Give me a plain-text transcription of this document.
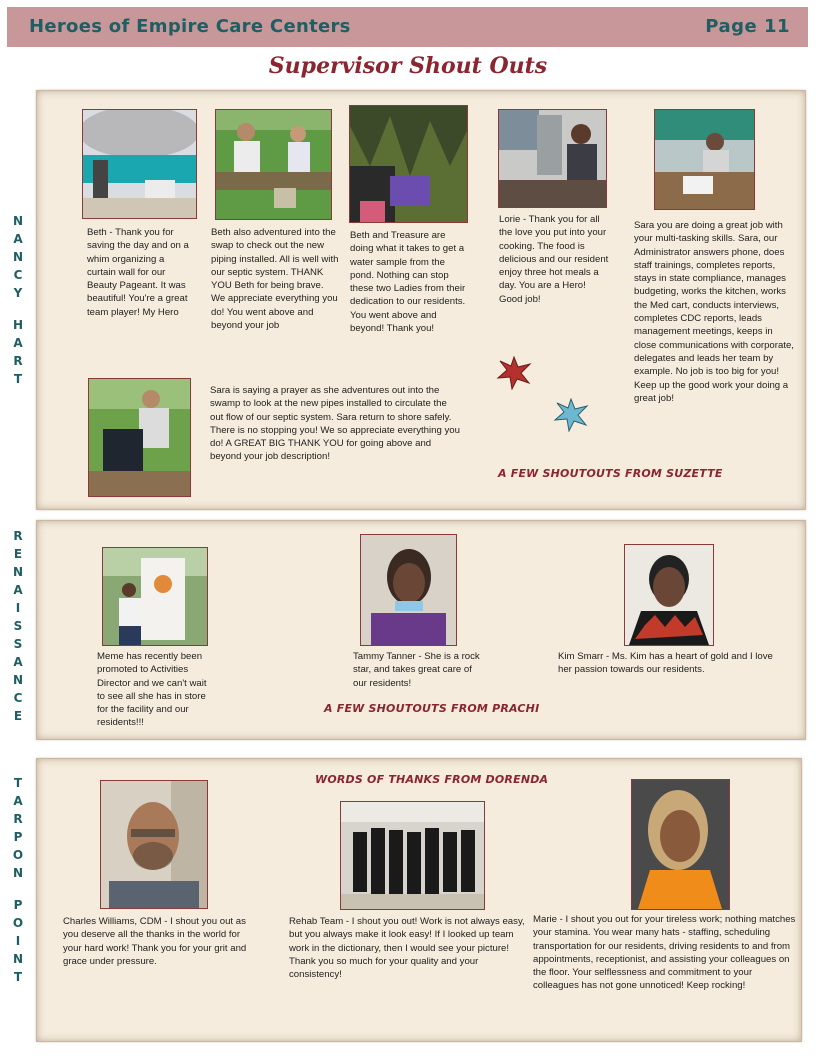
Heroes of Empire Care Centers	Page 11
Supervisor Shout Outs
N
A
N
C
Y
H
A
R
T
Beth - Thank you for saving the day and on a whim organizing a curtain wall for our Beauty Pageant. It was beautiful! You're a great team player! My Hero
Beth also adventured into the swap to check out the new piping installed. All is well with our septic system. THANK YOU Beth for being brave. We appreciate everything you do! You went above and beyond your job
Beth and Treasure are doing what it takes to get a water sample from the pond. Nothing can stop these two Ladies from their dedication to our residents. You went above and beyond! Thank you!
Lorie - Thank you for all the love you put into your cooking. The food is delicious and our resident enjoy three hot meals a day. You are a Hero! Good job!
Sara you are doing a great job with your multi-tasking skills. Sara, our Administrator answers phone, does staff trainings, completes reports, stays in state compliance, manages budgeting, works the kitchen, works the Med cart, conducts interviews, completes CDC reports, leads management meetings, keeps in close communications with corporate, delegates and leads her team by example. No job is too big for you! Keep up the good work your doing a great job!
Sara is saying a prayer as she adventures out into the swamp to look at the new pipes installed to circulate the out flow of our septic system. Sara return to shore safely. There is no stopping you! We so appreciate everything you do! A GREAT BIG THANK YOU for going above and beyond your job description!
A FEW SHOUTOUTS FROM SUZETTE
R
E
N
A
I
S
S
A
N
C
E
Meme has recently been promoted to Activities Director and we can't wait to see all she has in store for the facility and our residents!!!
Tammy Tanner - She is a rock star, and takes great care of our residents!
Kim Smarr - Ms. Kim has a heart of gold and I love her passion towards our residents.
A FEW SHOUTOUTS FROM PRACHI
T
A
R
P
O
N
P
O
I
N
T
WORDS OF THANKS FROM DORENDA
Charles Williams, CDM - I shout you out as you deserve all the thanks in the world for your hard work! Thank you for your grit and grace under pressure.
Rehab Team - I shout you out! Work is not always easy, but you always make it look easy! If I looked up team work in the dictionary, then I would see your picture! Thank you so much for your quality and your consistency!
Marie - I shout you out for your tireless work; nothing matches your stamina. You wear many hats - staffing, scheduling transportation for our residents, driving residents to and from appointments, receptionist, and assisting your colleagues on the floor. Your selflessness and commitment to your colleagues has not gone unnoticed! Keep rocking!
